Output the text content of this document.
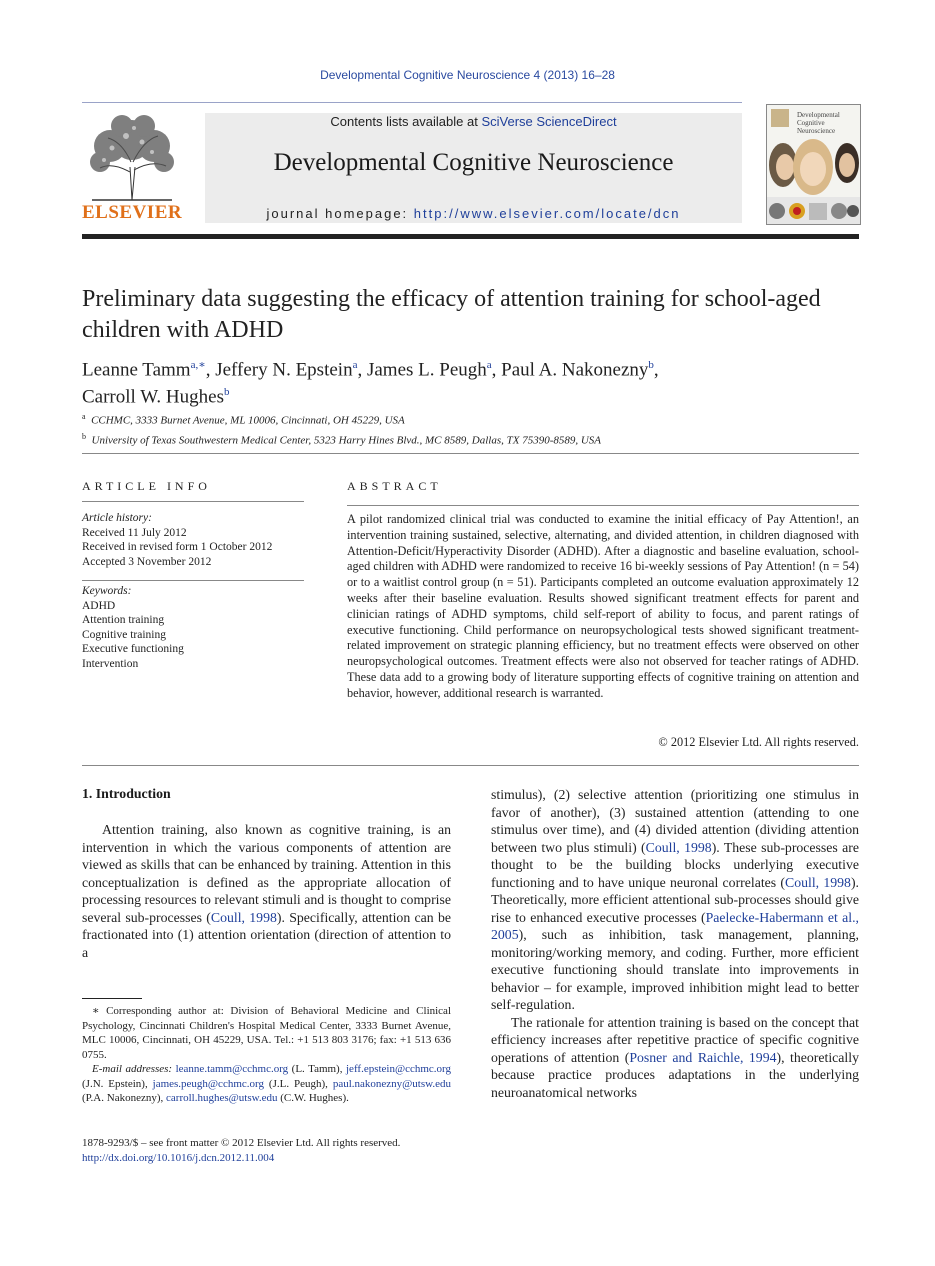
Developmental Cognitive Neuroscience 4 (2013) 16–28
ELSEVIER
Contents lists available at SciVerse ScienceDirect
Developmental Cognitive Neuroscience
journal homepage: http://www.elsevier.com/locate/dcn
Developmental
Cognitive Neuroscience
Preliminary data suggesting the efficacy of attention training for school-aged children with ADHD
Leanne Tamm$^{a,∗}$, Jeffery N. Epstein$^a$, James L. Peugh$^a$, Paul A. Nakonezny$^b$,
Carroll W. Hughes$^b$
$^a$ CCHMC, 3333 Burnet Avenue, ML 10006, Cincinnati, OH 45229, USA
$^b$ University of Texas Southwestern Medical Center, 5323 Harry Hines Blvd., MC 8589, Dallas, TX 75390-8589, USA
ARTICLE INFO
Article history:
Received 11 July 2012
Received in revised form 1 October 2012
Accepted 3 November 2012
Keywords:
ADHD
Attention training
Cognitive training
Executive functioning
Intervention
ABSTRACT
A pilot randomized clinical trial was conducted to examine the initial efficacy of Pay Attention!, an intervention training sustained, selective, alternating, and divided attention, in children diagnosed with Attention-Deficit/Hyperactivity Disorder (ADHD). After a diagnostic and baseline evaluation, school-aged children with ADHD were randomized to receive 16 bi-weekly sessions of Pay Attention! (n = 54) or to a waitlist control group (n = 51). Participants completed an outcome evaluation approximately 12 weeks after their baseline evaluation. Results showed significant treatment effects for parent and clinician ratings of ADHD symptoms, child self-report of ability to focus, and parent ratings of executive functioning. Child performance on neuropsychological tests showed significant treatment-related improvement on strategic planning efficiency, but no treatment effects were observed on other neuropsychological outcomes. Treatment effects were also not observed for teacher ratings of ADHD. These data add to a growing body of literature supporting effects of cognitive training on attention and behavior, however, additional research is warranted.
© 2012 Elsevier Ltd. All rights reserved.
1. Introduction

Attention training, also known as cognitive training, is an intervention in which the various components of attention are viewed as skills that can be enhanced by training. Attention in this conceptualization is defined as the appropriate allocation of processing resources to relevant stimuli and is thought to comprise several sub-processes (Coull, 1998). Specifically, attention can be fractionated into (1) attention orientation (direction of attention to a

stimulus), (2) selective attention (prioritizing one stimulus in favor of another), (3) sustained attention (attending to one stimulus over time), and (4) divided attention (dividing attention between two plus stimuli) (Coull, 1998). These sub-processes are thought to be the building blocks underlying executive functioning and to have unique neuronal correlates (Coull, 1998). Theoretically, more efficient attentional sub-processes should give rise to enhanced executive processes (Paelecke-Habermann et al., 2005), such as inhibition, task management, planning, monitoring/working memory, and coding. Further, more efficient executive functioning should translate into improvements in behavior – for example, improved inhibition might lead to better self-regulation.

The rationale for attention training is based on the concept that efficiency increases after repetitive practice of specific cognitive operations of attention (Posner and Raichle, 1994), theoretically because practice produces adaptations in the underlying neuroanatomical networks

∗ Corresponding author at: Division of Behavioral Medicine and Clinical Psychology, Cincinnati Children's Hospital Medical Center, 3333 Burnet Avenue, MLC 10006, Cincinnati, OH 45229, USA. Tel.: +1 513 803 3176; fax: +1 513 636 0755.
E-mail addresses: leanne.tamm@cchmc.org (L. Tamm), jeff.epstein@cchmc.org (J.N. Epstein), james.peugh@cchmc.org (J.L. Peugh), paul.nakonezny@utsw.edu (P.A. Nakonezny), carroll.hughes@utsw.edu (C.W. Hughes).
1878-9293/$ – see front matter © 2012 Elsevier Ltd. All rights reserved.
http://dx.doi.org/10.1016/j.dcn.2012.11.004
